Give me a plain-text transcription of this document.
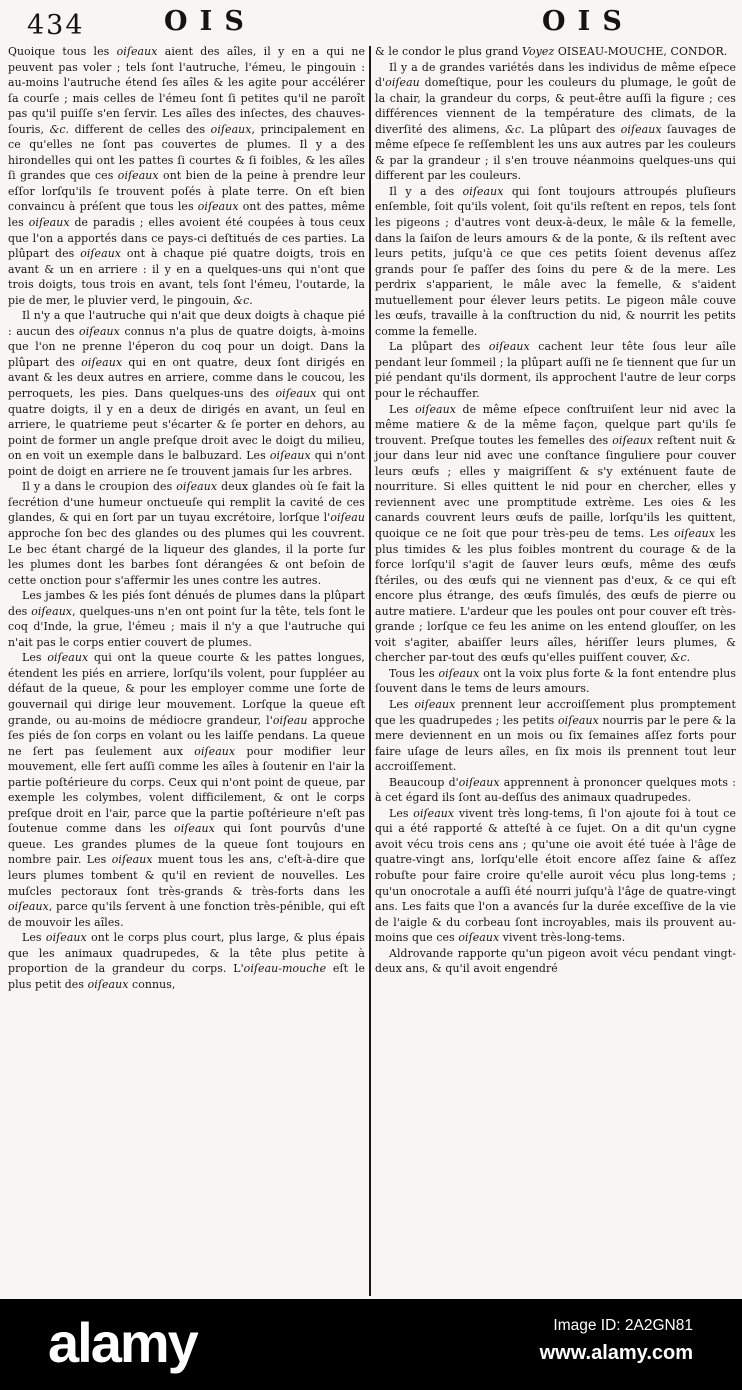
434	OIS	OIS

Quoique tous les oiſeaux aient des aîles, il y en a qui ne peuvent pas voler ; tels ſont l'autruche, l'émeu, le pingouin : au-moins l'autruche étend ſes aîles & les agite pour accélérer ſa courſe ; mais celles de l'émeu ſont ſi petites qu'il ne paroît pas qu'il puiſſe s'en ſervir. Les aîles des inſectes, des chauves-ſouris, &c. different de celles des oiſeaux, principalement en ce qu'elles ne ſont pas couvertes de plumes. Il y a des hirondelles qui ont les pattes ſi courtes & ſi foibles, & les aîles ſi grandes que ces oiſeaux ont bien de la peine à prendre leur eſſor lorſqu'ils ſe trouvent poſés à plate terre. On eſt bien convaincu à préſent que tous les oiſeaux ont des pattes, même les oiſeaux de paradis ; elles avoient été coupées à tous ceux que l'on a apportés dans ce pays-ci deſtitués de ces parties. La plûpart des oiſeaux ont à chaque pié quatre doigts, trois en avant & un en arriere : il y en a quelques-uns qui n'ont que trois doigts, tous trois en avant, tels ſont l'émeu, l'outarde, la pie de mer, le pluvier verd, le pingouin, &c.

Il n'y a que l'autruche qui n'ait que deux doigts à chaque pié : aucun des oiſeaux connus n'a plus de quatre doigts, à-moins que l'on ne prenne l'éperon du coq pour un doigt. Dans la plûpart des oiſeaux qui en ont quatre, deux ſont dirigés en avant & les deux autres en arriere, comme dans le coucou, les perroquets, les pies. Dans quelques-uns des oiſeaux qui ont quatre doigts, il y en a deux de dirigés en avant, un ſeul en arriere, le quatrieme peut s'écarter & ſe porter en dehors, au point de former un angle preſque droit avec le doigt du milieu, on en voit un exemple dans le balbuzard. Les oiſeaux qui n'ont point de doigt en arriere ne ſe trouvent jamais ſur les arbres.

Il y a dans le croupion des oiſeaux deux glandes où ſe fait la ſecrétion d'une humeur onctueuſe qui remplit la cavité de ces glandes, & qui en ſort par un tuyau excrétoire, lorſque l'oiſeau approche ſon bec des glandes ou des plumes qui les couvrent. Le bec étant chargé de la liqueur des glandes, il la porte ſur les plumes dont les barbes ſont dérangées & ont beſoin de cette onction pour s'affermir les unes contre les autres.

Les jambes & les piés ſont dénués de plumes dans la plûpart des oiſeaux, quelques-uns n'en ont point ſur la tête, tels ſont le coq d'Inde, la grue, l'émeu ; mais il n'y a que l'autruche qui n'ait pas le corps entier couvert de plumes.

Les oiſeaux qui ont la queue courte & les pattes longues, étendent les piés en arriere, lorſqu'ils volent, pour ſuppléer au défaut de la queue, & pour les employer comme une ſorte de gouvernail qui dirige leur mouvement. Lorſque la queue eſt grande, ou au-moins de médiocre grandeur, l'oiſeau approche ſes piés de ſon corps en volant ou les laiſſe pendans. La queue ne ſert pas ſeulement aux oiſeaux pour modifier leur mouvement, elle ſert auſſi comme les aîles à ſoutenir en l'air la partie poſtérieure du corps. Ceux qui n'ont point de queue, par exemple les colymbes, volent difficilement, & ont le corps preſque droit en l'air, parce que la partie poſtérieure n'eſt pas ſoutenue comme dans les oiſeaux qui ſont pourvûs d'une queue. Les grandes plumes de la queue ſont toujours en nombre pair. Les oiſeaux muent tous les ans, c'eſt-à-dire que leurs plumes tombent & qu'il en revient de nouvelles. Les muſcles pectoraux ſont très-grands & très-forts dans les oiſeaux, parce qu'ils ſervent à une fonction très-pénible, qui eſt de mouvoir les aîles.

Les oiſeaux ont le corps plus court, plus large, & plus épais que les animaux quadrupedes, & la tête plus petite à proportion de la grandeur du corps. L'oiſeau-mouche eſt le plus petit des oiſeaux connus,

& le condor le plus grand Voyez OISEAU-MOUCHE, CONDOR.

Il y a de grandes variétés dans les individus de même eſpece d'oiſeau domeſtique, pour les couleurs du plumage, le goût de la chair, la grandeur du corps, & peut-être auſſi la figure ; ces différences viennent de la température des climats, de la diverſité des alimens, &c. La plûpart des oiſeaux ſauvages de même eſpece ſe reſſemblent les uns aux autres par les couleurs & par la grandeur ; il s'en trouve néanmoins quelques-uns qui different par les couleurs.

Il y a des oiſeaux qui ſont toujours attroupés pluſieurs enſemble, ſoit qu'ils volent, ſoit qu'ils reſtent en repos, tels ſont les pigeons ; d'autres vont deux-à-deux, le mâle & la femelle, dans la ſaiſon de leurs amours & de la ponte, & ils reſtent avec leurs petits, juſqu'à ce que ces petits ſoient devenus aſſez grands pour ſe paſſer des ſoins du pere & de la mere. Les perdrix s'apparient, le mâle avec la femelle, & s'aident mutuellement pour élever leurs petits. Le pigeon mâle couve les œufs, travaille à la conſtruction du nid, & nourrit les petits comme la femelle.

La plûpart des oiſeaux cachent leur tête ſous leur aîle pendant leur ſommeil ; la plûpart auſſi ne ſe tiennent que ſur un pié pendant qu'ils dorment, ils approchent l'autre de leur corps pour le réchauffer.

Les oiſeaux de même eſpece conſtruiſent leur nid avec la même matiere & de la même façon, quelque part qu'ils ſe trouvent. Preſque toutes les femelles des oiſeaux reſtent nuit & jour dans leur nid avec une conſtance ſinguliere pour couver leurs œufs ; elles y maigriſſent & s'y exténuent faute de nourriture. Si elles quittent le nid pour en chercher, elles y reviennent avec une promptitude extrème. Les oies & les canards couvrent leurs œufs de paille, lorſqu'ils les quittent, quoique ce ne ſoit que pour très-peu de tems. Les oiſeaux les plus timides & les plus foibles montrent du courage & de la force lorſqu'il s'agit de ſauver leurs œufs, même des œufs ſtériles, ou des œufs qui ne viennent pas d'eux, & ce qui eſt encore plus étrange, des œufs ſimulés, des œufs de pierre ou autre matiere. L'ardeur que les poules ont pour couver eſt très-grande ; lorſque ce feu les anime on les entend glouſſer, on les voit s'agiter, abaiſſer leurs aîles, hériſſer leurs plumes, & chercher par-tout des œufs qu'elles puiſſent couver, &c.

Tous les oiſeaux ont la voix plus forte & la font entendre plus ſouvent dans le tems de leurs amours.

Les oiſeaux prennent leur accroiſſement plus promptement que les quadrupedes ; les petits oiſeaux nourris par le pere & la mere deviennent en un mois ou ſix ſemaines aſſez forts pour faire uſage de leurs aîles, en ſix mois ils prennent tout leur accroiſſement.

Beaucoup d'oiſeaux apprennent à prononcer quelques mots : à cet égard ils ſont au-deſſus des animaux quadrupedes.

Les oiſeaux vivent très long-tems, ſi l'on ajoute foi à tout ce qui a été rapporté & atteſté à ce ſujet. On a dit qu'un cygne avoit vécu trois cens ans ; qu'une oie avoit été tuée à l'âge de quatre-vingt ans, lorſqu'elle étoit encore aſſez ſaine & aſſez robuſte pour faire croire qu'elle auroit vécu plus long-tems ; qu'un onocrotale a auſſi été nourri juſqu'à l'âge de quatre-vingt ans. Les faits que l'on a avancés ſur la durée exceſſive de la vie de l'aigle & du corbeau ſont incroyables, mais ils prouvent au-moins que ces oiſeaux vivent très-long-tems.

Aldrovande rapporte qu'un pigeon avoit vécu pendant vingt-deux ans, & qu'il avoit engendré

alamy	Image ID: 2A2GN81
www.alamy.com
